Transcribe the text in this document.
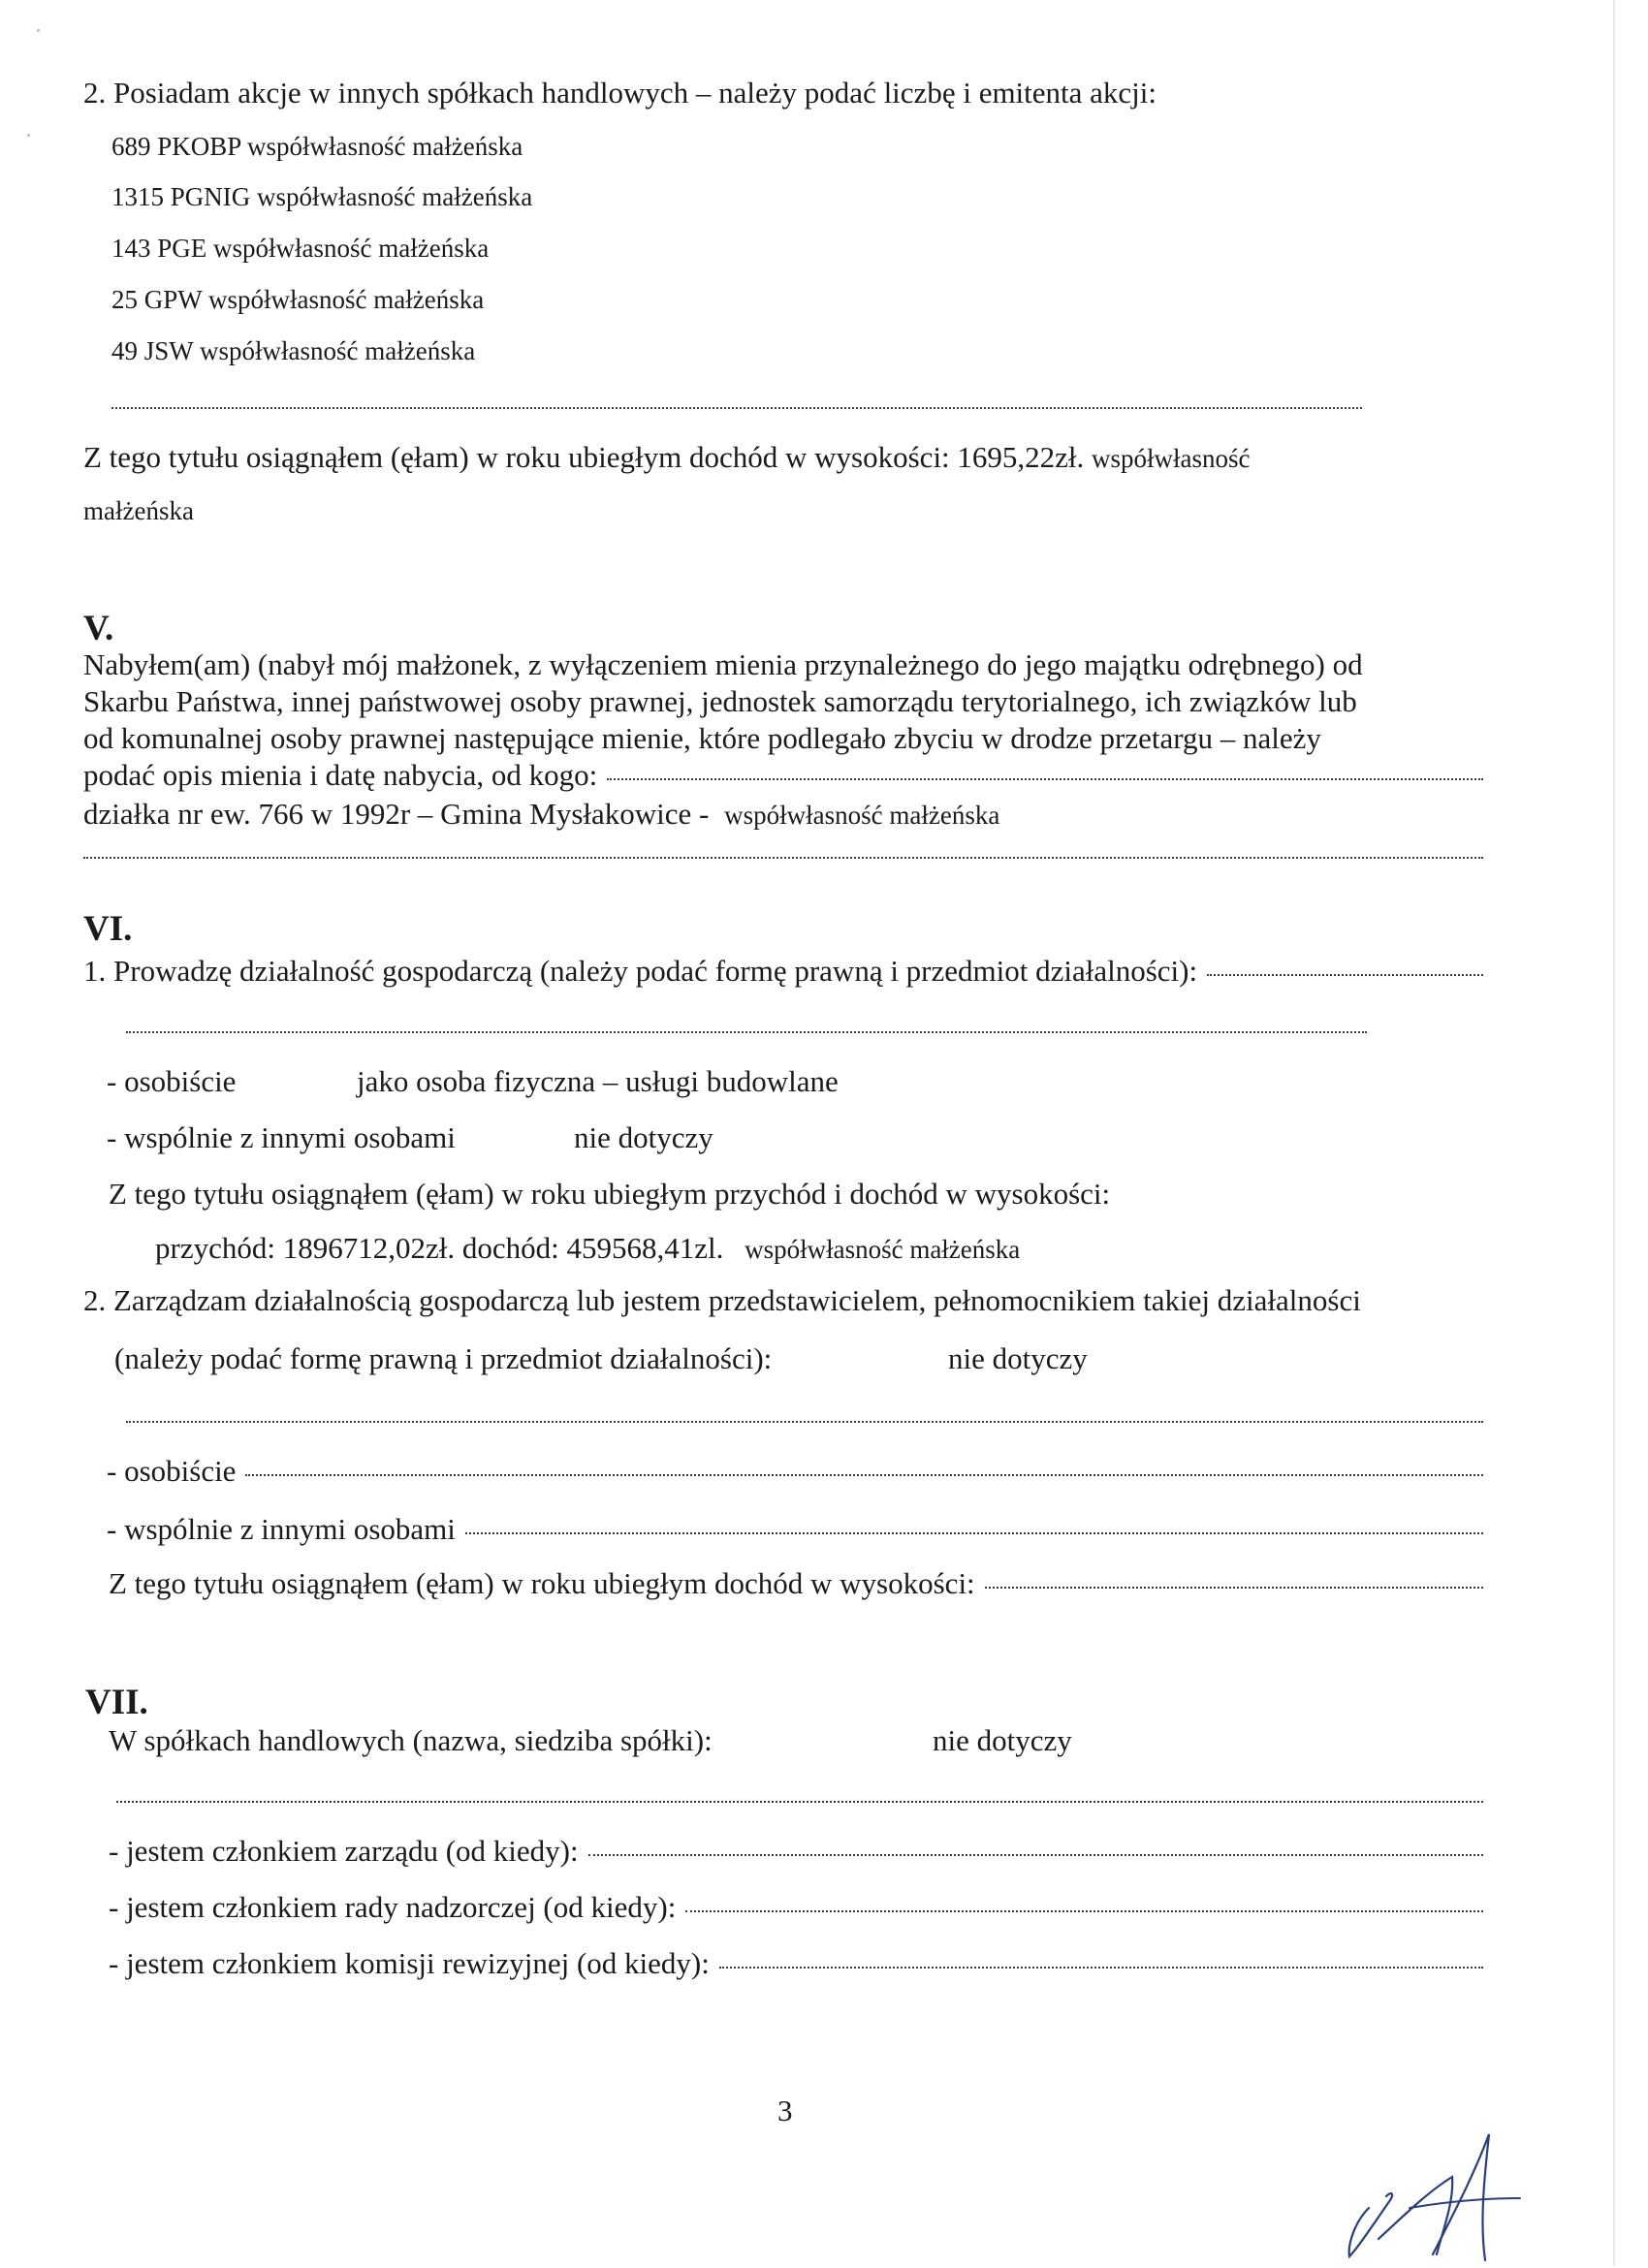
2. Posiadam akcje w innych spółkach handlowych – należy podać liczbę i emitenta akcji:
689 PKOBP współwłasność małżeńska
1315 PGNIG współwłasność małżeńska
143 PGE współwłasność małżeńska
25 GPW współwłasność małżeńska
49 JSW współwłasność małżeńska
Z tego tytułu osiągnąłem (ęłam) w roku ubiegłym dochód w wysokości: 1695,22zł. współwłasność
małżeńska
V.
Nabyłem(am) (nabył mój małżonek, z wyłączeniem mienia przynależnego do jego majątku odrębnego) od
Skarbu Państwa, innej państwowej osoby prawnej, jednostek samorządu terytorialnego, ich związków lub
od komunalnej osoby prawnej następujące mienie, które podlegało zbyciu w drodze przetargu – należy
podać opis mienia i datę nabycia, od kogo:
działka nr ew. 766 w 1992r – Gmina Mysłakowice - współwłasność małżeńska
VI.
1. Prowadzę działalność gospodarczą (należy podać formę prawną i przedmiot działalności):
- osobiście	jako osoba fizyczna – usługi budowlane
- wspólnie z innymi osobami	nie dotyczy
Z tego tytułu osiągnąłem (ęłam) w roku ubiegłym przychód i dochód w wysokości:
przychód: 1896712,02zł. dochód: 459568,41zl. współwłasność małżeńska
2. Zarządzam działalnością gospodarczą lub jestem przedstawicielem, pełnomocnikiem takiej działalności
(należy podać formę prawną i przedmiot działalności):	nie dotyczy
- osobiście
- wspólnie z innymi osobami
Z tego tytułu osiągnąłem (ęłam) w roku ubiegłym dochód w wysokości:
VII.
W spółkach handlowych (nazwa, siedziba spółki):	nie dotyczy
- jestem członkiem zarządu (od kiedy):
- jestem członkiem rady nadzorczej (od kiedy):
- jestem członkiem komisji rewizyjnej (od kiedy):
3
